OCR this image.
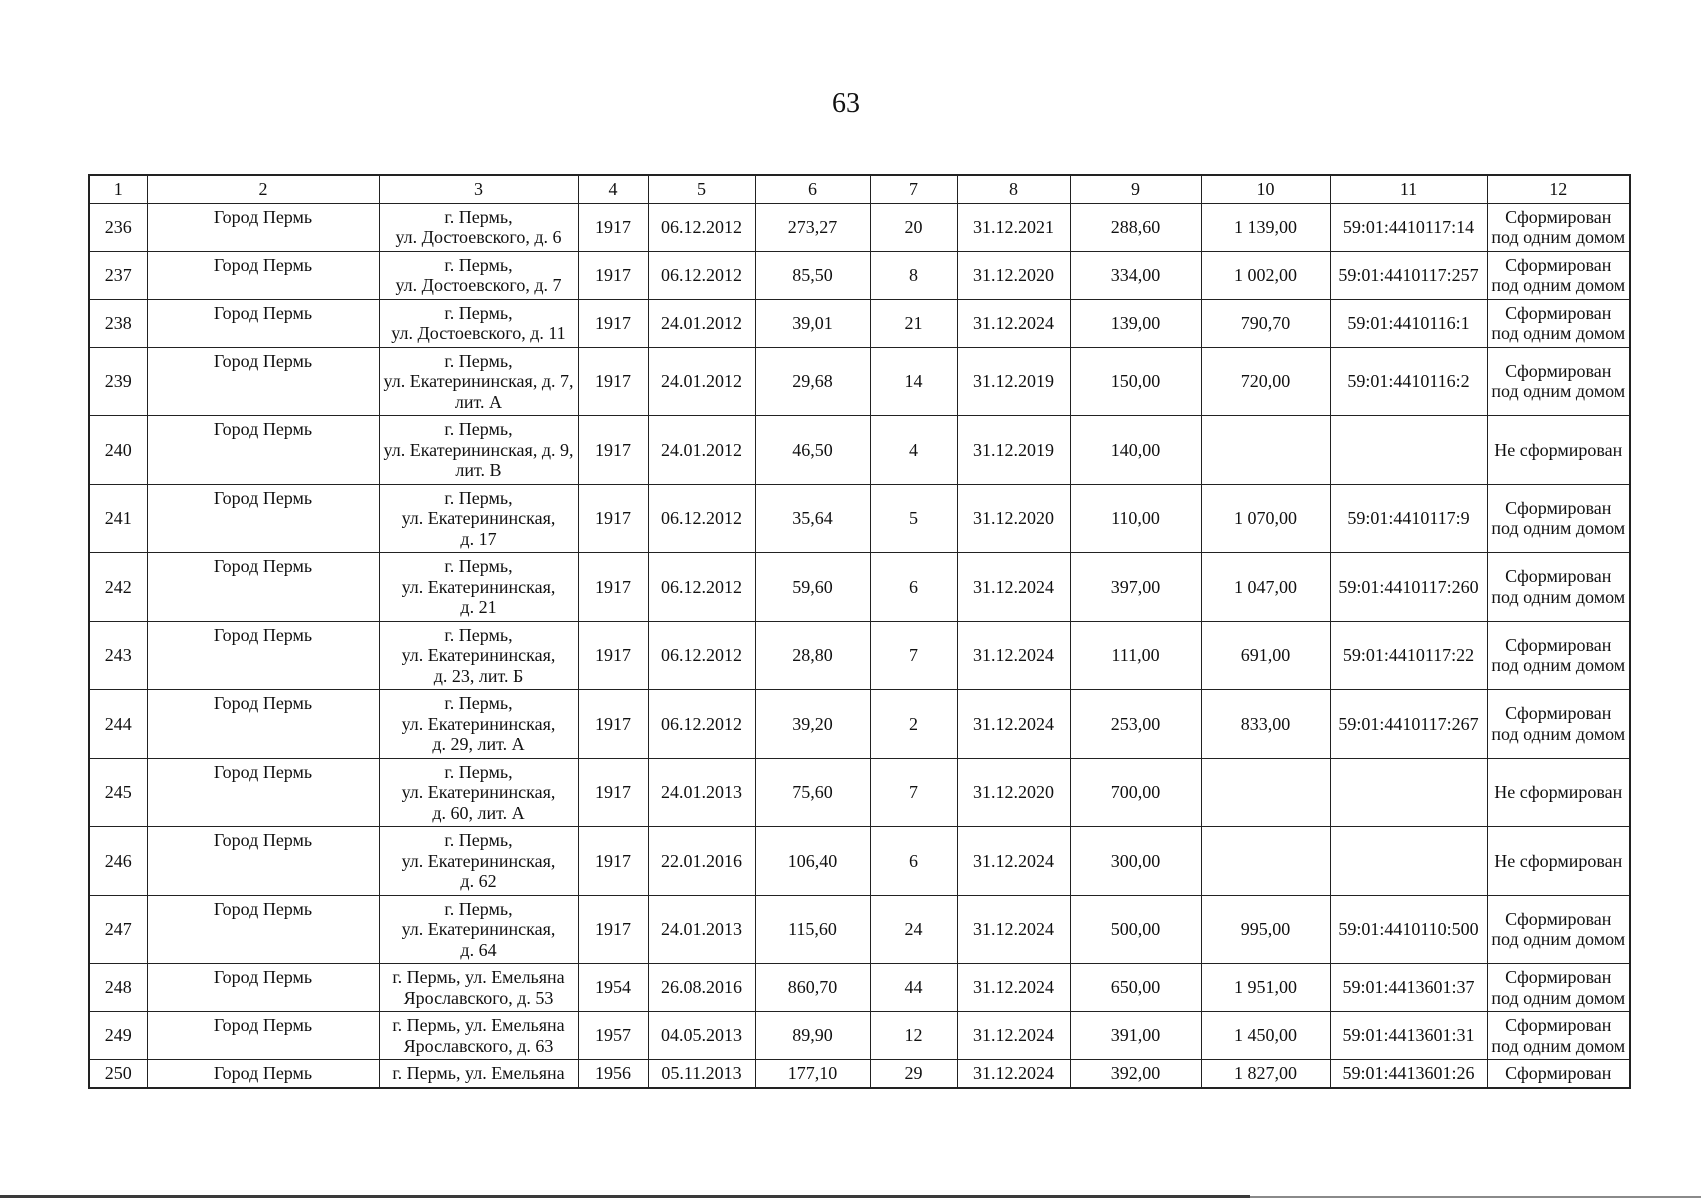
63
1	2	3	4	5	6	7	8	9	10	11	12
236	Город Пермь	г. Пермь,
ул. Достоевского, д. 6	1917	06.12.2012	273,27	20	31.12.2021	288,60	1 139,00	59:01:4410117:14	Сформирован
под одним домом

237	Город Пермь	г. Пермь,
ул. Достоевского, д. 7	1917	06.12.2012	85,50	8	31.12.2020	334,00	1 002,00	59:01:4410117:257	Сформирован
под одним домом

238	Город Пермь	г. Пермь,
ул. Достоевского, д. 11	1917	24.01.2012	39,01	21	31.12.2024	139,00	790,70	59:01:4410116:1	Сформирован
под одним домом

239	Город Пермь	г. Пермь,
ул. Екатерининская, д. 7,
лит. А	1917	24.01.2012	29,68	14	31.12.2019	150,00	720,00	59:01:4410116:2	Сформирован
под одним домом

240	Город Пермь	г. Пермь,
ул. Екатерининская, д. 9,
лит. В	1917	24.01.2012	46,50	4	31.12.2019	140,00			Не сформирован

241	Город Пермь	г. Пермь,
ул. Екатерининская,
д. 17	1917	06.12.2012	35,64	5	31.12.2020	110,00	1 070,00	59:01:4410117:9	Сформирован
под одним домом

242	Город Пермь	г. Пермь,
ул. Екатерининская,
д. 21	1917	06.12.2012	59,60	6	31.12.2024	397,00	1 047,00	59:01:4410117:260	Сформирован
под одним домом

243	Город Пермь	г. Пермь,
ул. Екатерининская,
д. 23, лит. Б	1917	06.12.2012	28,80	7	31.12.2024	111,00	691,00	59:01:4410117:22	Сформирован
под одним домом

244	Город Пермь	г. Пермь,
ул. Екатерининская,
д. 29, лит. А	1917	06.12.2012	39,20	2	31.12.2024	253,00	833,00	59:01:4410117:267	Сформирован
под одним домом

245	Город Пермь	г. Пермь,
ул. Екатерининская,
д. 60, лит. А	1917	24.01.2013	75,60	7	31.12.2020	700,00			Не сформирован

246	Город Пермь	г. Пермь,
ул. Екатерининская,
д. 62	1917	22.01.2016	106,40	6	31.12.2024	300,00			Не сформирован

247	Город Пермь	г. Пермь,
ул. Екатерининская,
д. 64	1917	24.01.2013	115,60	24	31.12.2024	500,00	995,00	59:01:4410110:500	Сформирован
под одним домом

248	Город Пермь	г. Пермь, ул. Емельяна
Ярославского, д. 53	1954	26.08.2016	860,70	44	31.12.2024	650,00	1 951,00	59:01:4413601:37	Сформирован
под одним домом

249	Город Пермь	г. Пермь, ул. Емельяна
Ярославского, д. 63	1957	04.05.2013	89,90	12	31.12.2024	391,00	1 450,00	59:01:4413601:31	Сформирован
под одним домом

250	Город Пермь	г. Пермь, ул. Емельяна	1956	05.11.2013	177,10	29	31.12.2024	392,00	1 827,00	59:01:4413601:26	Сформирован
